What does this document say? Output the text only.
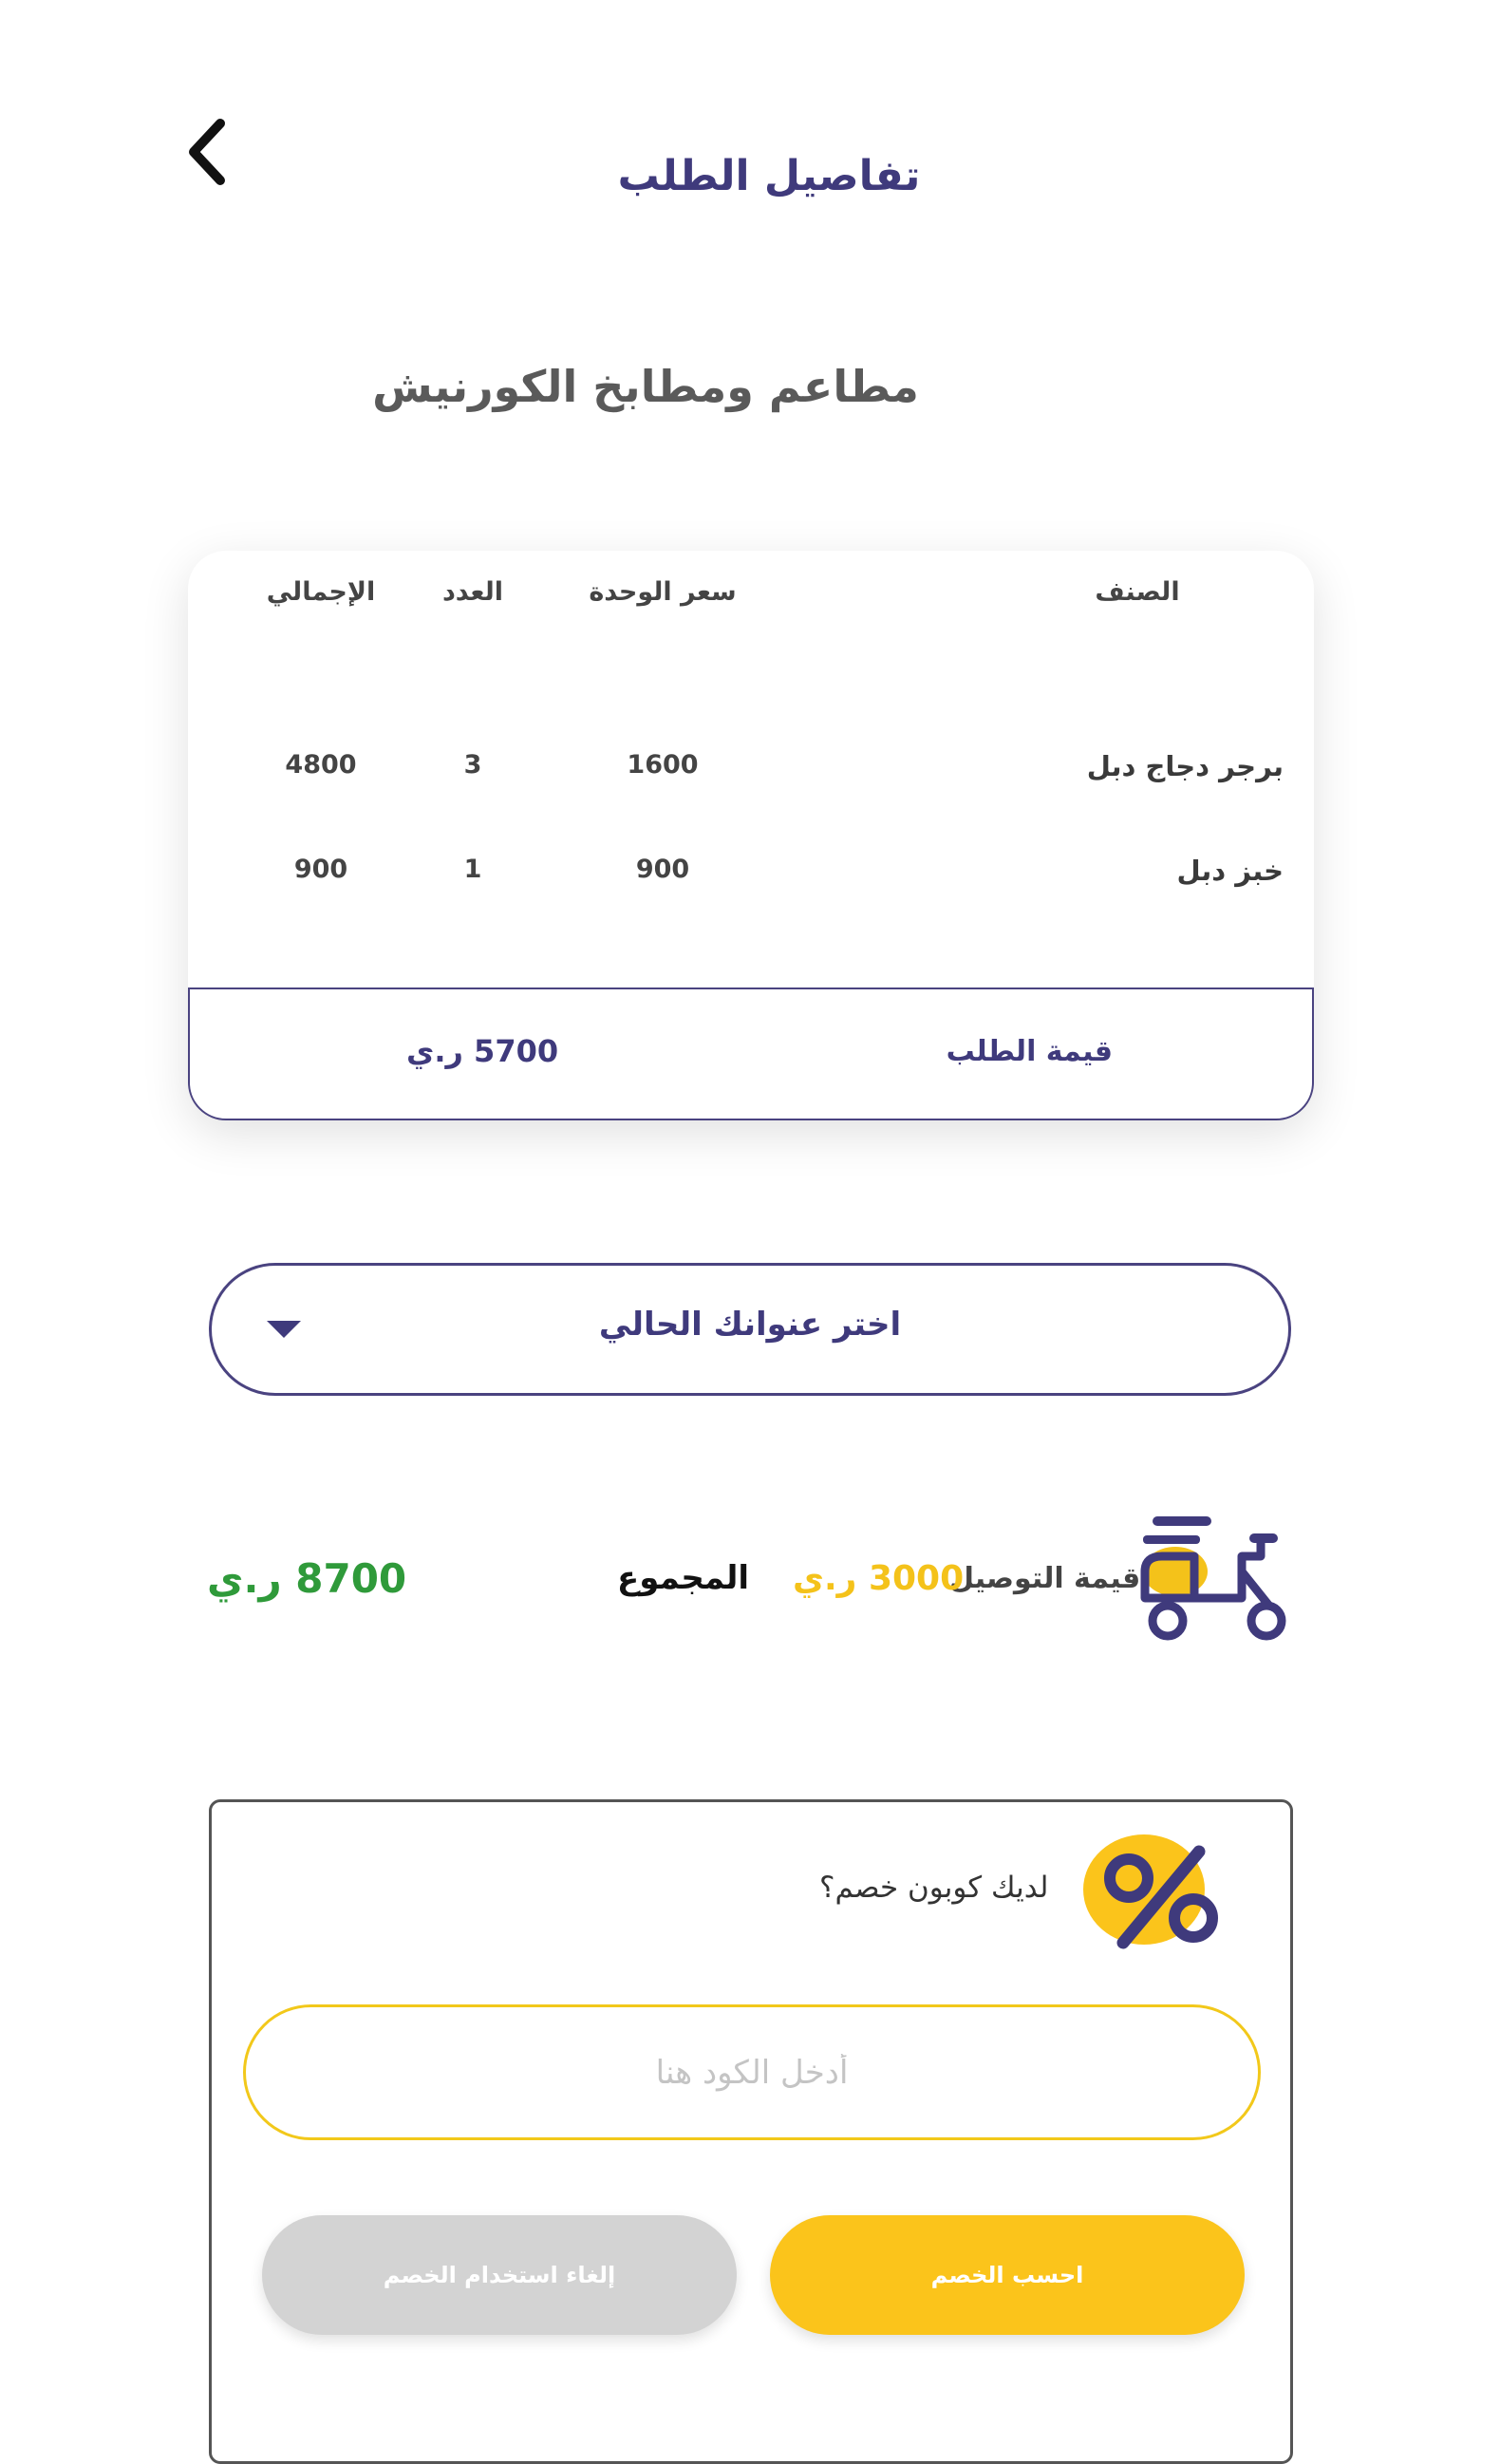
تفاصيل الطلب
مطاعم ومطابخ الكورنيش
الصنف
سعر الوحدة
العدد
الإجمالي
برجر دجاج دبل
1600
3
4800
خبز دبل
900
1
900
قيمة الطلب
5700 ر.ي
اختر عنوانك الحالي
قيمة التوصيل
3000 ر.ي
المجموع
8700 ر.ي
لديك كوبون خصم؟
أدخل الكود هنا
احسب الخصم
إلغاء استخدام الخصم
